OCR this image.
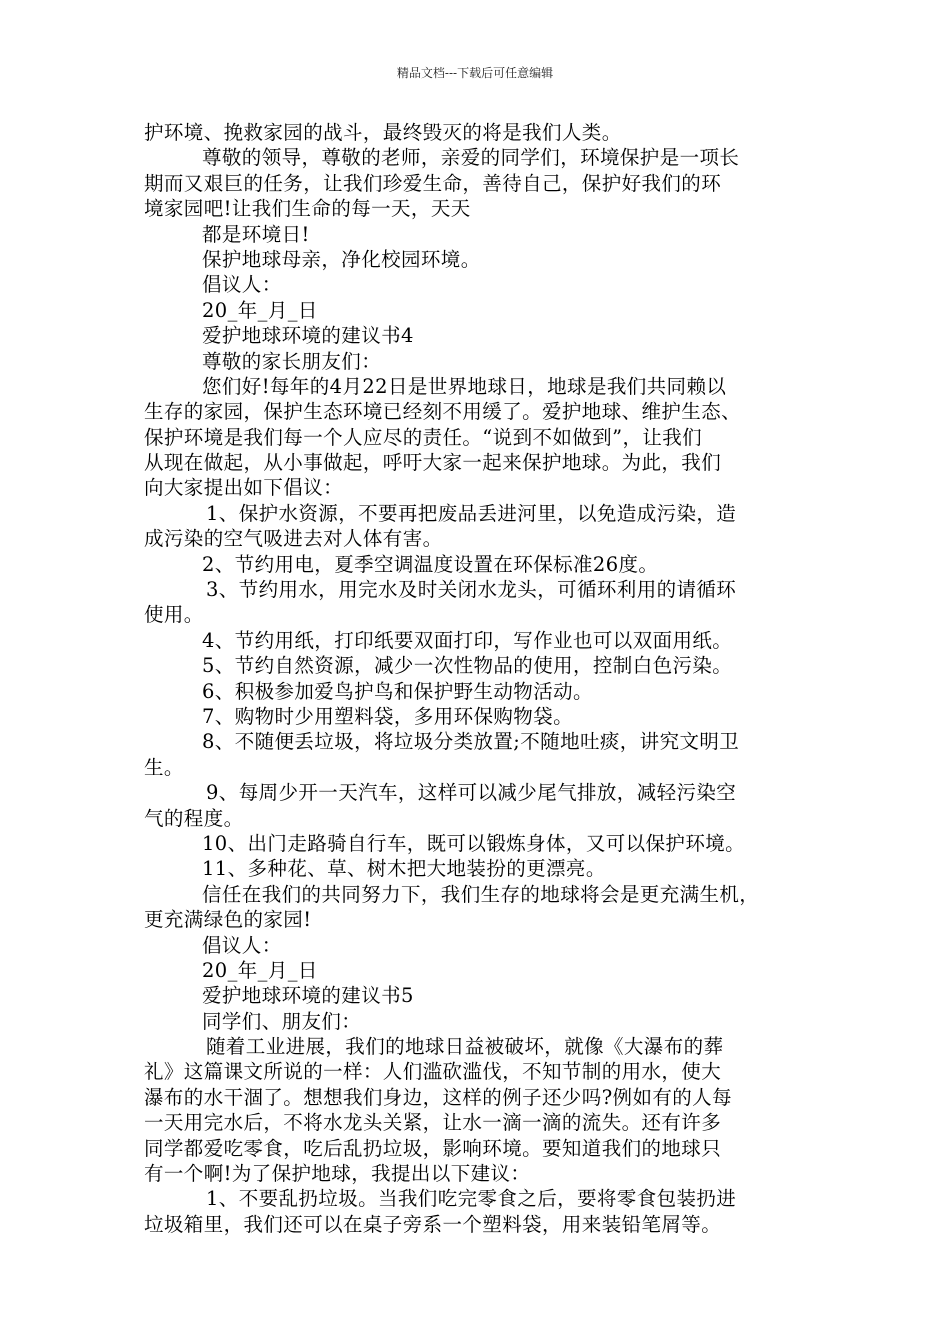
精品文档---下载后可任意编辑
护环境、挽救家园的战斗，最终毁灭的将是我们人类。
尊敬的领导，尊敬的老师，亲爱的同学们，环境保护是一项长
期而又艰巨的任务，让我们珍爱生命，善待自己，保护好我们的环
境家园吧!让我们生命的每一天，天天
都是环境日!
保护地球母亲，净化校园环境。
倡议人：
20_年_月_日
爱护地球环境的建议书4
尊敬的家长朋友们：
您们好!每年的4月22日是世界地球日，地球是我们共同赖以
生存的家园，保护生态环境已经刻不用缓了。爱护地球、维护生态、
保护环境是我们每一个人应尽的责任。“说到不如做到”，让我们
从现在做起，从小事做起，呼吁大家一起来保护地球。为此，我们
向大家提出如下倡议：
1、保护水资源，不要再把废品丢进河里，以免造成污染，造
成污染的空气吸进去对人体有害。
2、节约用电，夏季空调温度设置在环保标准26度。
3、节约用水，用完水及时关闭水龙头，可循环利用的请循环
使用。
4、节约用纸，打印纸要双面打印，写作业也可以双面用纸。
5、节约自然资源，减少一次性物品的使用，控制白色污染。
6、积极参加爱鸟护鸟和保护野生动物活动。
7、购物时少用塑料袋，多用环保购物袋。
8、不随便丢垃圾，将垃圾分类放置;不随地吐痰，讲究文明卫
生。
9、每周少开一天汽车，这样可以减少尾气排放，减轻污染空
气的程度。
10、出门走路骑自行车，既可以锻炼身体，又可以保护环境。
11、多种花、草、树木把大地装扮的更漂亮。
信任在我们的共同努力下，我们生存的地球将会是更充满生机，
更充满绿色的家园!
倡议人：
20_年_月_日
爱护地球环境的建议书5
同学们、朋友们：
随着工业进展，我们的地球日益被破坏，就像《大瀑布的葬
礼》这篇课文所说的一样：人们滥砍滥伐，不知节制的用水，使大
瀑布的水干涸了。想想我们身边，这样的例子还少吗?例如有的人每
一天用完水后，不将水龙头关紧，让水一滴一滴的流失。还有许多
同学都爱吃零食，吃后乱扔垃圾，影响环境。要知道我们的地球只
有一个啊!为了保护地球，我提出以下建议：
1、不要乱扔垃圾。当我们吃完零食之后，要将零食包装扔进
垃圾箱里，我们还可以在桌子旁系一个塑料袋，用来装铅笔屑等。
